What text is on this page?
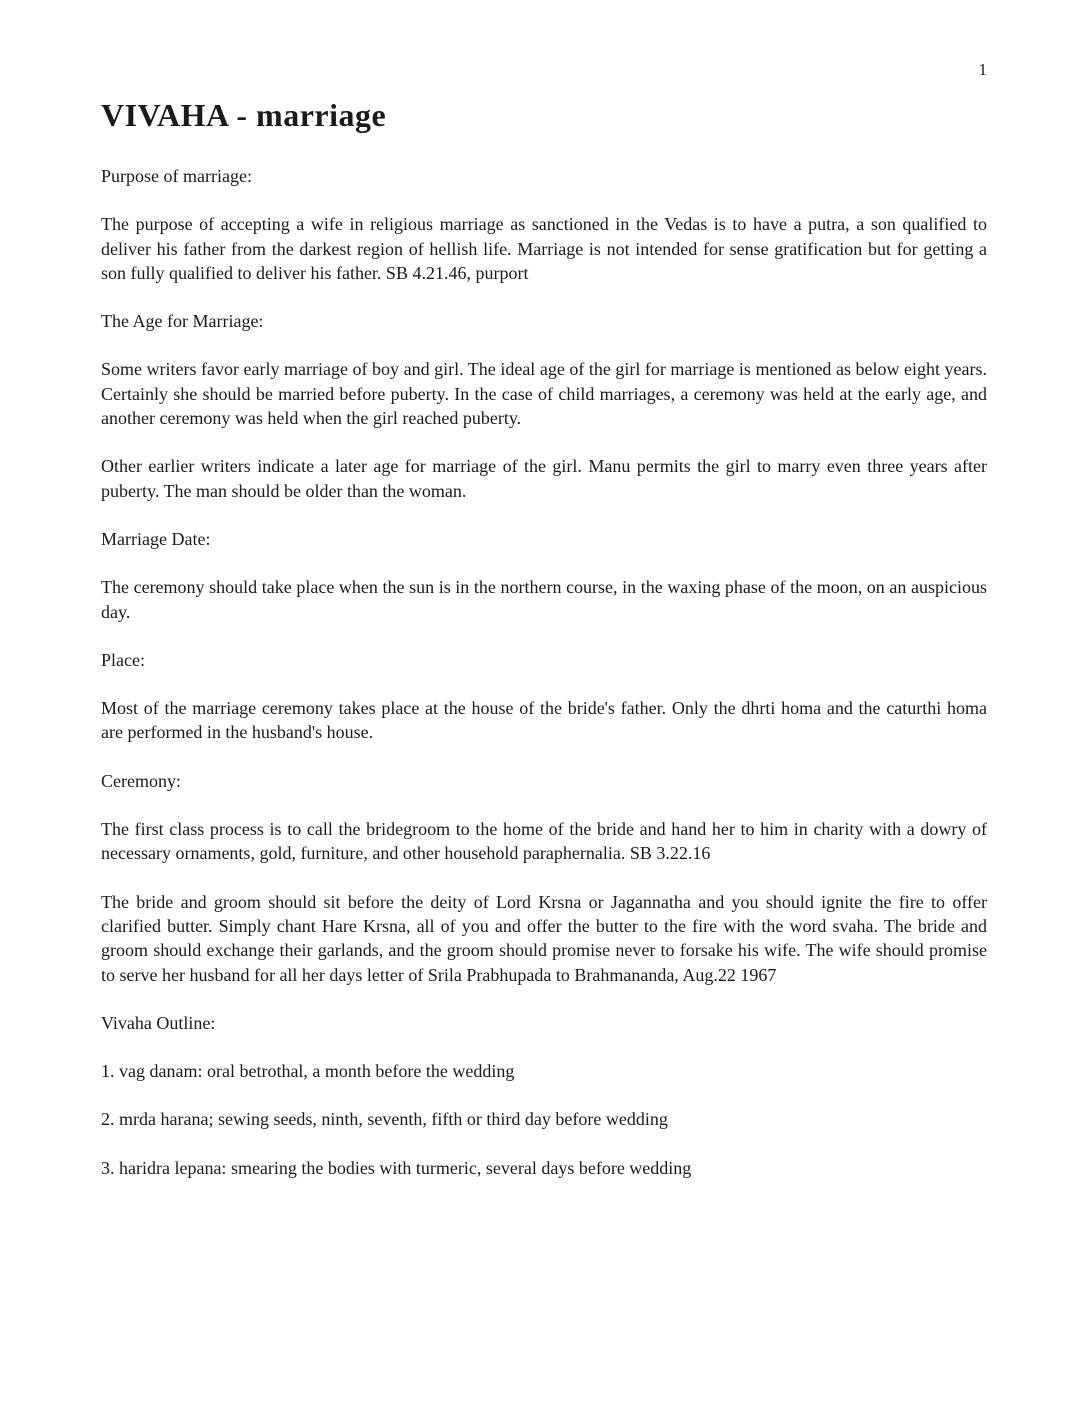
1
VIVAHA - marriage
Purpose of marriage:

The purpose of accepting a wife in religious marriage as sanctioned in the Vedas is to have a putra, a son qualified to deliver his father from the darkest region of hellish life. Marriage is not intended for sense gratification but for getting a son fully qualified to deliver his father. SB 4.21.46, purport

The Age for Marriage:

Some writers favor early marriage of boy and girl. The ideal age of the girl for marriage is mentioned as below eight years. Certainly she should be married before puberty. In the case of child marriages, a ceremony was held at the early age, and another ceremony was held when the girl reached puberty.

Other earlier writers indicate a later age for marriage of the girl. Manu permits the girl to marry even three years after puberty. The man should be older than the woman.

Marriage Date:

The ceremony should take place when the sun is in the northern course, in the waxing phase of the moon, on an auspicious day.

Place:

Most of the marriage ceremony takes place at the house of the bride's father. Only the dhrti homa and the caturthi homa are performed in the husband's house.

Ceremony:

The first class process is to call the bridegroom to the home of the bride and hand her to him in charity with a dowry of necessary ornaments, gold, furniture, and other household paraphernalia. SB 3.22.16

The bride and groom should sit before the deity of Lord Krsna or Jagannatha and you should ignite the fire to offer clarified butter. Simply chant Hare Krsna, all of you and offer the butter to the fire with the word svaha. The bride and groom should exchange their garlands, and the groom should promise never to forsake his wife. The wife should promise to serve her husband for all her days letter of Srila Prabhupada to Brahmananda, Aug.22 1967

Vivaha Outline:
1. vag danam: oral betrothal, a month before the wedding
2. mrda harana; sewing seeds, ninth, seventh, fifth or third day before wedding
3. haridra lepana: smearing the bodies with turmeric, several days before wedding
